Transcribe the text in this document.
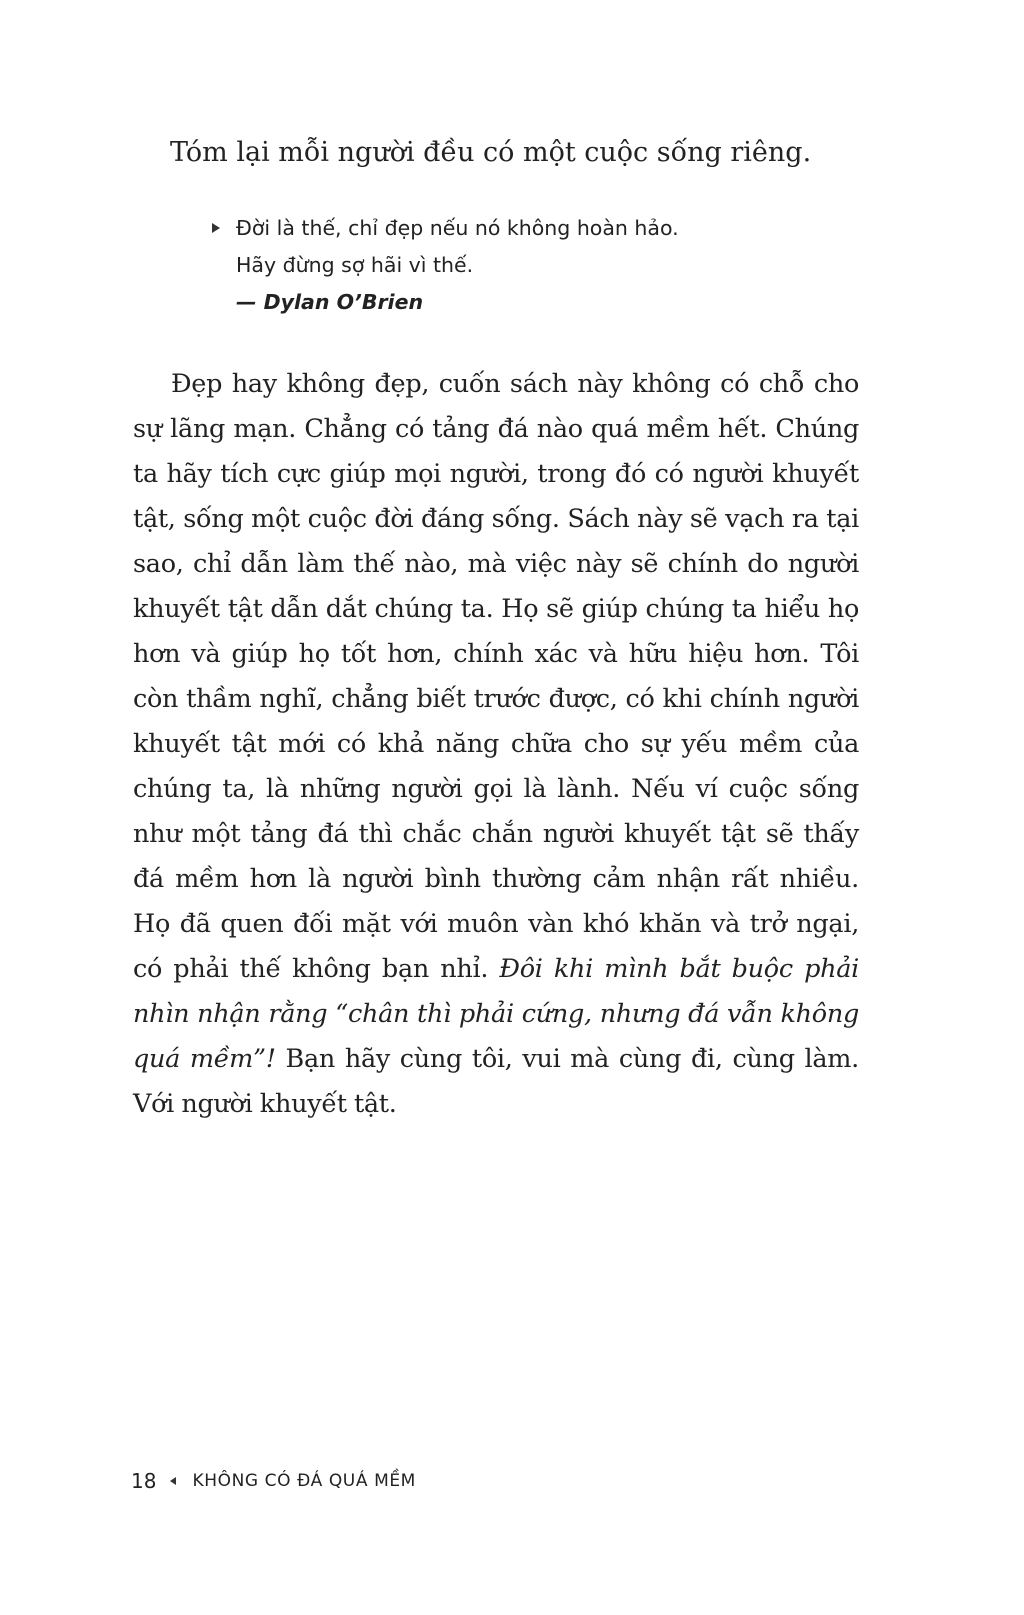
Tóm lại mỗi người đều có một cuộc sống riêng.

Đời là thế, chỉ đẹp nếu nó không hoàn hảo.
Hãy đừng sợ hãi vì thế.
— Dylan O’Brien

Đẹp hay không đẹp, cuốn sách này không có chỗ cho sự lãng mạn. Chẳng có tảng đá nào quá mềm hết. Chúng ta hãy tích cực giúp mọi người, trong đó có người khuyết tật, sống một cuộc đời đáng sống. Sách này sẽ vạch ra tại sao, chỉ dẫn làm thế nào, mà việc này sẽ chính do người khuyết tật dẫn dắt chúng ta. Họ sẽ giúp chúng ta hiểu họ hơn và giúp họ tốt hơn, chính xác và hữu hiệu hơn. Tôi còn thầm nghĩ, chẳng biết trước được, có khi chính người khuyết tật mới có khả năng chữa cho sự yếu mềm của chúng ta, là những người gọi là lành. Nếu ví cuộc sống như một tảng đá thì chắc chắn người khuyết tật sẽ thấy đá mềm hơn là người bình thường cảm nhận rất nhiều. Họ đã quen đối mặt với muôn vàn khó khăn và trở ngại, có phải thế không bạn nhỉ. Đôi khi mình bắt buộc phải nhìn nhận rằng “chân thì phải cứng, nhưng đá vẫn không quá mềm”! Bạn hãy cùng tôi, vui mà cùng đi, cùng làm. Với người khuyết tật.

18 KHÔNG CÓ ĐÁ QUÁ MỀM
